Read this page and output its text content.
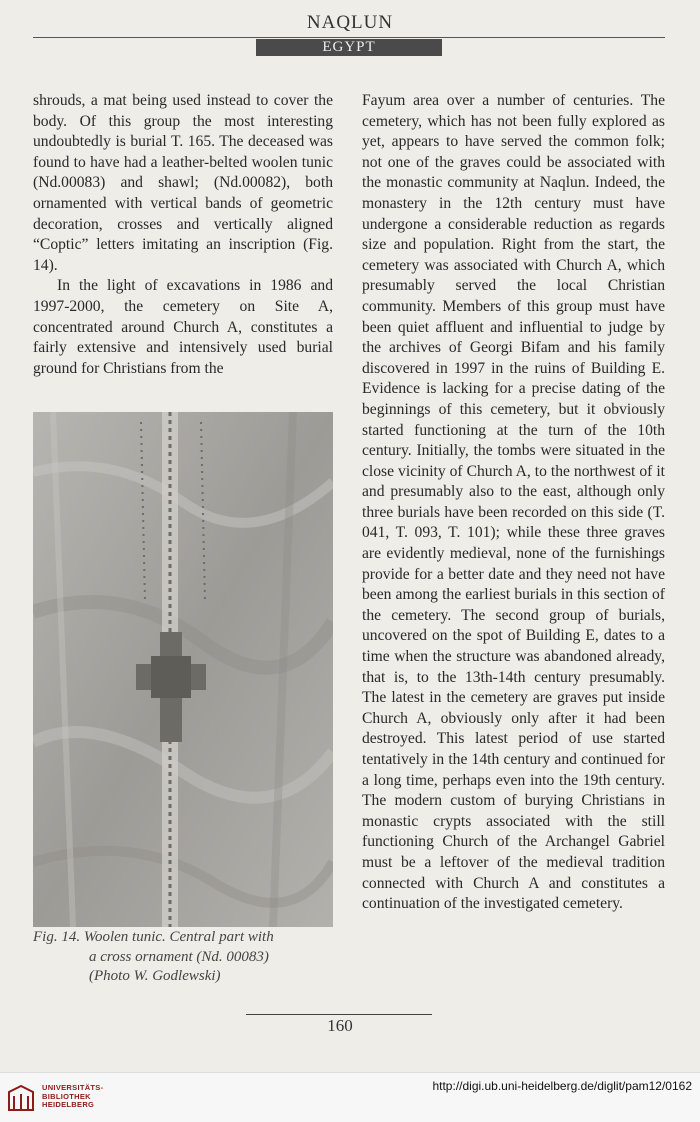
NAQLUN
EGYPT

shrouds, a mat being used instead to cover the body. Of this group the most interesting undoubtedly is burial T. 165. The deceased was found to have had a leather-belted woolen tunic (Nd.00083) and shawl; (Nd.00082), both ornamented with vertical bands of geometric decoration, crosses and vertically aligned “Coptic” letters imitating an inscription (Fig. 14).

In the light of excavations in 1986 and 1997-2000, the cemetery on Site A, concentrated around Church A, constitutes a fairly extensive and intensively used burial ground for Christians from the

Fig. 14. Woolen tunic. Central part with
a cross ornament (Nd. 00083)
(Photo W. Godlewski)

Fayum area over a number of centuries. The cemetery, which has not been fully explored as yet, appears to have served the common folk; not one of the graves could be associated with the monastic community at Naqlun. Indeed, the monastery in the 12th century must have undergone a considerable reduction as regards size and population. Right from the start, the cemetery was associated with Church A, which presumably served the local Christian community. Members of this group must have been quiet affluent and influential to judge by the archives of Georgi Bifam and his family discovered in 1997 in the ruins of Building E. Evidence is lacking for a precise dating of the beginnings of this cemetery, but it obviously started functioning at the turn of the 10th century. Initially, the tombs were situated in the close vicinity of Church A, to the northwest of it and presumably also to the east, although only three burials have been recorded on this side (T. 041, T. 093, T. 101); while these three graves are evidently medieval, none of the furnishings provide for a better date and they need not have been among the earliest burials in this section of the cemetery. The second group of burials, uncovered on the spot of Building E, dates to a time when the structure was abandoned already, that is, to the 13th-14th century presumably. The latest in the cemetery are graves put inside Church A, obviously only after it had been destroyed. This latest period of use started tentatively in the 14th century and continued for a long time, perhaps even into the 19th century. The modern custom of burying Christians in monastic crypts associated with the still functioning Church of the Archangel Gabriel must be a leftover of the medieval tradition connected with Church A and constitutes a continuation of the investigated cemetery.

160
UNIVERSITÄTS-
BIBLIOTHEK
HEIDELBERG
http://digi.ub.uni-heidelberg.de/diglit/pam12/0162
